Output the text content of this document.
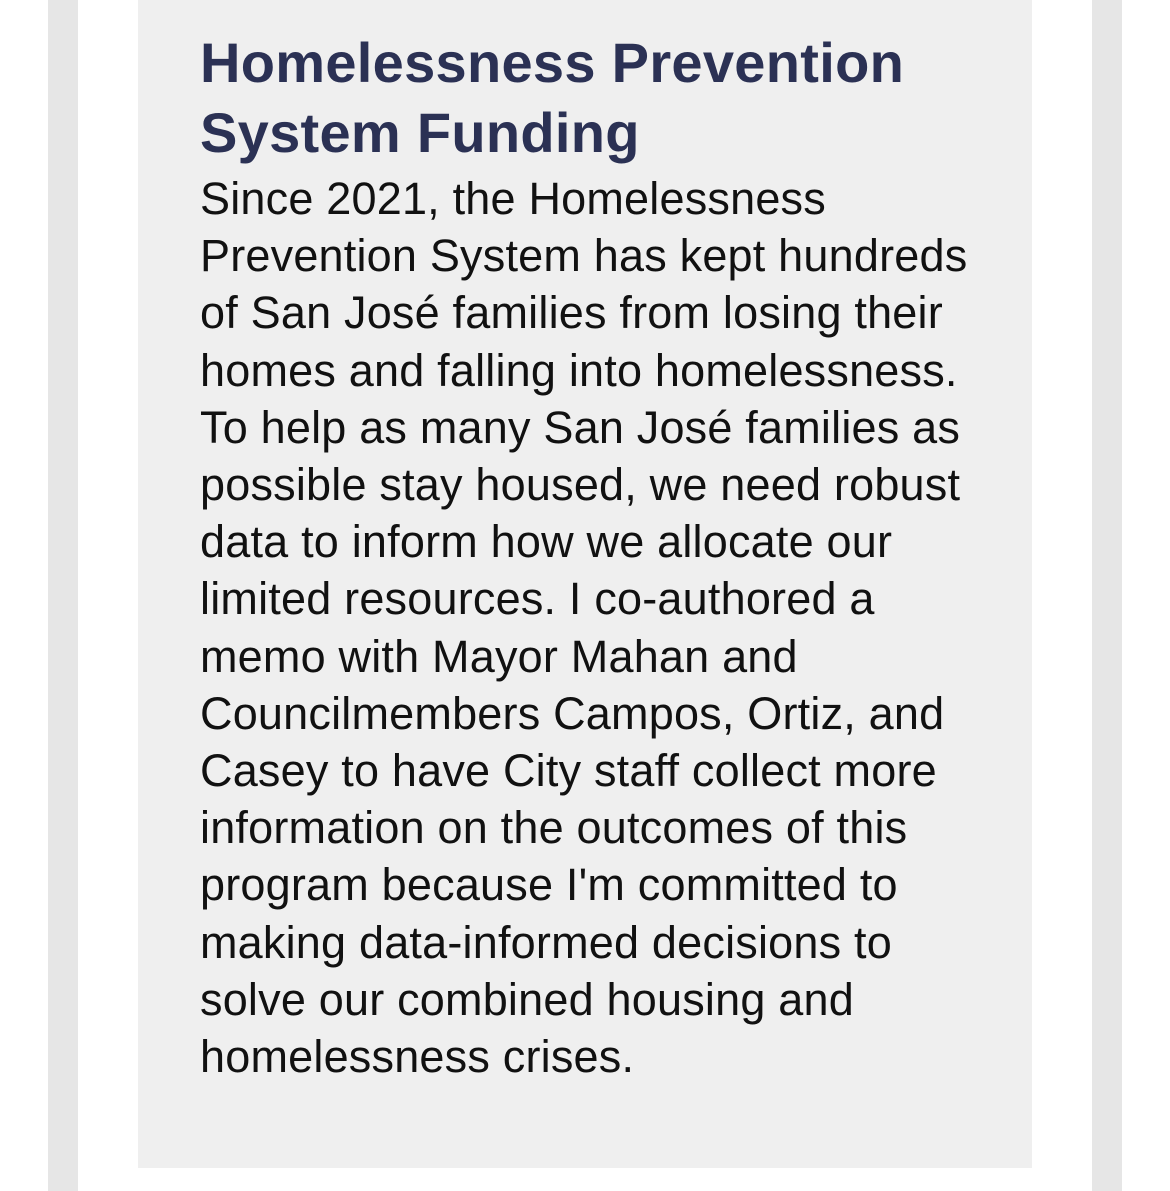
Homelessness Prevention System Funding

Since 2021, the Homelessness Prevention System has kept hundreds of San José families from losing their homes and falling into homelessness. To help as many San José families as possible stay housed, we need robust data to inform how we allocate our limited resources. I co-authored a memo with Mayor Mahan and Councilmembers Campos, Ortiz, and Casey to have City staff collect more information on the outcomes of this program because I'm committed to making data-informed decisions to solve our combined housing and homelessness crises.
